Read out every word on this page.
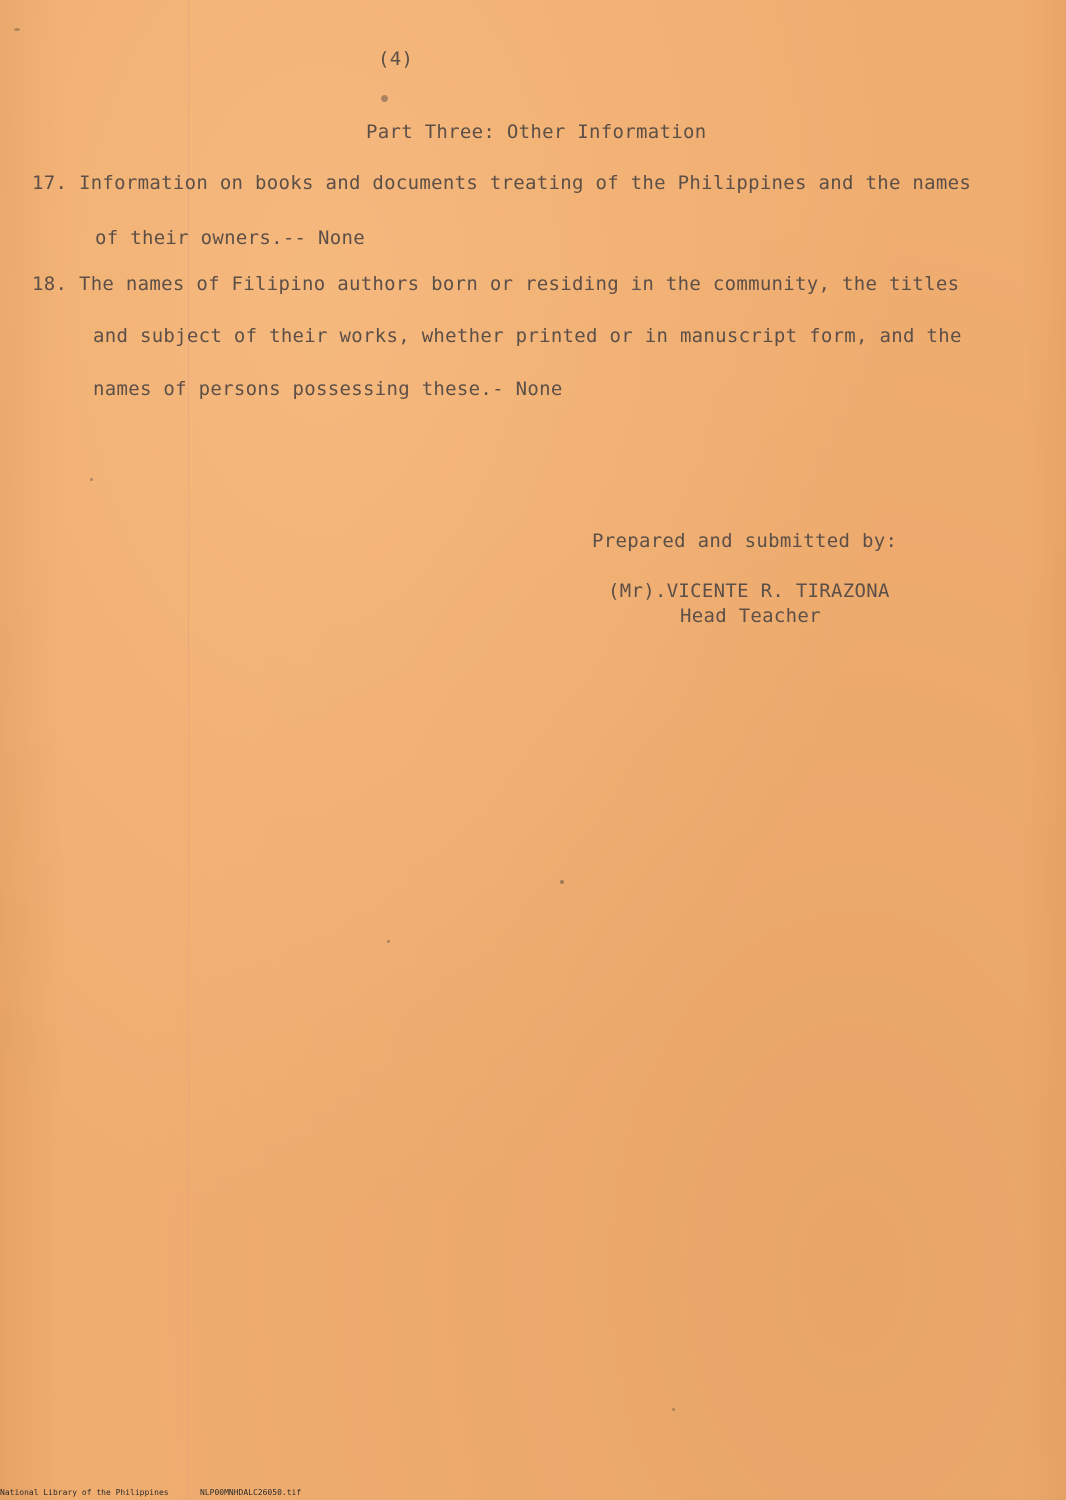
(4)
Part Three: Other Information
17. Information on books and documents treating of the Philippines and the names
of their owners.-- None
18. The names of Filipino authors born or residing in the community, the titles
and subject of their works, whether printed or in manuscript form, and the
names of persons possessing these.- None
Prepared and submitted by:
(Mr).VICENTE R. TIRAZONA
Head Teacher
National Library of the Philippines	NLP00MNHDALC26050.tif
